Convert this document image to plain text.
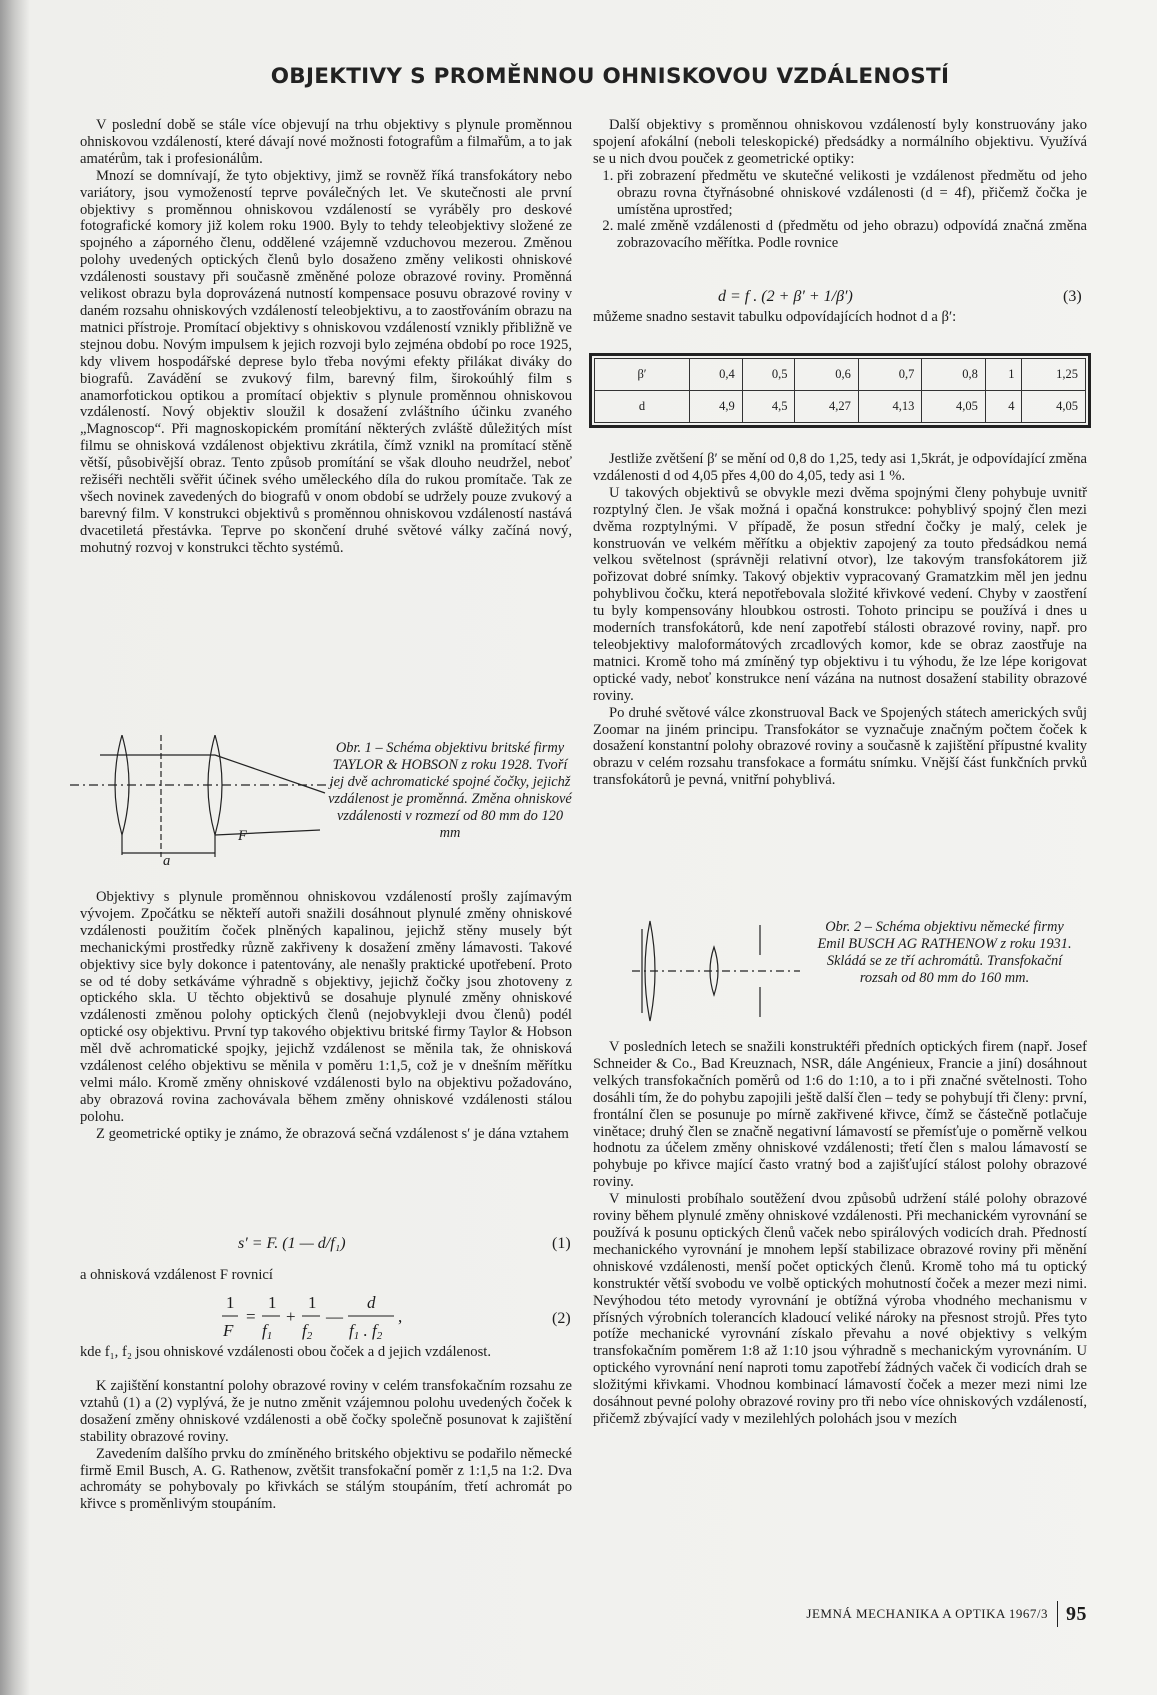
OBJEKTIVY S PROMĚNNOU OHNISKOVOU VZDÁLENOSTÍ

V poslední době se stále více objevují na trhu objektivy s plynule proměnnou ohniskovou vzdáleností, které dávají nové možnosti fotografům a filmařům, a to jak amatérům, tak i profesionálům.

Mnozí se domnívají, že tyto objektivy, jimž se rovněž říká transfokátory nebo variátory, jsou vymožeností teprve poválečných let. Ve skutečnosti ale první objektivy s proměnnou ohniskovou vzdáleností se vyráběly pro deskové fotografické komory již kolem roku 1900. Byly to tehdy teleobjektivy složené ze spojného a záporného členu, oddělené vzájemně vzduchovou mezerou. Změnou polohy uvedených optických členů bylo dosaženo změny velikosti ohniskové vzdálenosti soustavy při současně změněné poloze obrazové roviny. Proměnná velikost obrazu byla doprovázená nutností kompensace posuvu obrazové roviny v daném rozsahu ohniskových vzdáleností teleobjektivu, a to zaostřováním obrazu na matnici přístroje. Promítací objektivy s ohniskovou vzdáleností vznikly přibližně ve stejnou dobu. Novým impulsem k jejich rozvoji bylo zejména období po roce 1925, kdy vlivem hospodářské deprese bylo třeba novými efekty přilákat diváky do biografů. Zavádění se zvukový film, barevný film, širokoúhlý film s anamorfotickou optikou a promítací objektiv s plynule proměnnou ohniskovou vzdáleností. Nový objektiv sloužil k dosažení zvláštního účinku zvaného „Magnoscop“. Při magnoskopickém promítání některých zvláště důležitých míst filmu se ohnisková vzdálenost objektivu zkrátila, čímž vznikl na promítací stěně větší, působivější obraz. Tento způsob promítání se však dlouho neudržel, neboť režiséři nechtěli svěřit účinek svého uměleckého díla do rukou promítače. Tak ze všech novinek zavedených do biografů v onom období se udržely pouze zvukový a barevný film. V konstrukci objektivů s proměnnou ohniskovou vzdáleností nastává dvacetiletá přestávka. Teprve po skončení druhé světové války začíná nový, mohutný rozvoj v konstrukci těchto systémů.

F
a
Obr. 1 – Schéma objektivu britské firmy TAYLOR & HOBSON z roku 1928. Tvoří jej dvě achromatické spojné čočky, jejichž vzdálenost je proměnná. Změna ohniskové vzdálenosti v rozmezí od 80 mm do 120 mm

Objektivy s plynule proměnnou ohniskovou vzdáleností prošly zajímavým vývojem. Zpočátku se někteří autoři snažili dosáhnout plynulé změny ohniskové vzdálenosti použitím čoček plněných kapalinou, jejichž stěny musely být mechanickými prostředky různě zakřiveny k dosažení změny lámavosti. Takové objektivy sice byly dokonce i patentovány, ale nenašly praktické upotřebení. Proto se od té doby setkáváme výhradně s objektivy, jejichž čočky jsou zhotoveny z optického skla. U těchto objektivů se dosahuje plynulé změny ohniskové vzdálenosti změnou polohy optických členů (nejobvykleji dvou členů) podél optické osy objektivu. První typ takového objektivu britské firmy Taylor & Hobson měl dvě achromatické spojky, jejichž vzdálenost se měnila tak, že ohnisková vzdálenost celého objektivu se měnila v poměru 1:1,5, což je v dnešním měřítku velmi málo. Kromě změny ohniskové vzdálenosti bylo na objektivu požadováno, aby obrazová rovina zachovávala během změny ohniskové vzdálenosti stálou polohu.

Z geometrické optiky je známo, že obrazová sečná vzdálenost s′ je dána vztahem

s′ = F. (1 — d/f₁)	(1)
a ohnisková vzdálenost F rovnicí
1
F
=
1
f1
+
1
f2
—
d
f1 . f2
,	(2)
kde f₁, f₂ jsou ohniskové vzdálenosti obou čoček a d jejich vzdálenost.

K zajištění konstantní polohy obrazové roviny v celém transfokačním rozsahu ze vztahů (1) a (2) vyplývá, že je nutno změnit vzájemnou polohu uvedených čoček k dosažení změny ohniskové vzdálenosti a obě čočky společně posunovat k zajištění stability obrazové roviny.

Zavedením dalšího prvku do zmíněného britského objektivu se podařilo německé firmě Emil Busch, A. G. Rathenow, zvětšit transfokační poměr z 1:1,5 na 1:2. Dva achromáty se pohybovaly po křivkách se stálým stoupáním, třetí achromát po křivce s proměnlivým stoupáním.

Další objektivy s proměnnou ohniskovou vzdáleností byly konstruovány jako spojení afokální (neboli teleskopické) předsádky a normálního objektivu. Využívá se u nich dvou pouček z geometrické optiky:

1. při zobrazení předmětu ve skutečné velikosti je vzdálenost předmětu od jeho obrazu rovna čtyřnásobné ohniskové vzdálenosti (d = 4f), přičemž čočka je umístěna uprostřed;
2. malé změně vzdálenosti d (předmětu od jeho obrazu) odpovídá značná změna zobrazovacího měřítka. Podle rovnice
d = f . (2 + β′ + 1/β′)	(3)
můžeme snadno sestavit tabulku odpovídajících hodnot d a β′:
β′	0,4	0,5	0,6	0,7	0,8	1	1,25
d	4,9	4,5	4,27	4,13	4,05	4	4,05

Jestliže zvětšení β′ se mění od 0,8 do 1,25, tedy asi 1,5krát, je odpovídající změna vzdálenosti d od 4,05 přes 4,00 do 4,05, tedy asi 1 %.

U takových objektivů se obvykle mezi dvěma spojnými členy pohybuje uvnitř rozptylný člen. Je však možná i opačná konstrukce: pohyblivý spojný člen mezi dvěma rozptylnými. V případě, že posun střední čočky je malý, celek je konstruován ve velkém měřítku a objektiv zapojený za touto předsádkou nemá velkou světelnost (správněji relativní otvor), lze takovým transfokátorem již pořizovat dobré snímky. Takový objektiv vypracovaný Gramatzkim měl jen jednu pohyblivou čočku, která nepotřebovala složité křivkové vedení. Chyby v zaostření tu byly kompensovány hloubkou ostrosti. Tohoto principu se používá i dnes u moderních transfokátorů, kde není zapotřebí stálosti obrazové roviny, např. pro teleobjektivy maloformátových zrcadlových komor, kde se obraz zaostřuje na matnici. Kromě toho má zmíněný typ objektivu i tu výhodu, že lze lépe korigovat optické vady, neboť konstrukce není vázána na nutnost dosažení stability obrazové roviny.

Po druhé světové válce zkonstruoval Back ve Spojených státech amerických svůj Zoomar na jiném principu. Transfokátor se vyznačuje značným počtem čoček k dosažení konstantní polohy obrazové roviny a současně k zajištění přípustné kvality obrazu v celém rozsahu transfokace a formátu snímku. Vnější část funkčních prvků transfokátorů je pevná, vnitřní pohyblivá.

Obr. 2 – Schéma objektivu německé firmy Emil BUSCH AG RATHENOW z roku 1931. Skládá se ze tří achromátů. Transfokační rozsah od 80 mm do 160 mm.

V posledních letech se snažili konstruktéři předních optických firem (např. Josef Schneider & Co., Bad Kreuznach, NSR, dále Angénieux, Francie a jiní) dosáhnout velkých transfokačních poměrů od 1:6 do 1:10, a to i při značné světelnosti. Toho dosáhli tím, že do pohybu zapojili ještě další člen – tedy se pohybují tři členy: první, frontální člen se posunuje po mírně zakřivené křivce, čímž se částečně potlačuje vinětace; druhý člen se značně negativní lámavostí se přemísťuje o poměrně velkou hodnotu za účelem změny ohniskové vzdálenosti; třetí člen s malou lámavostí se pohybuje po křivce mající často vratný bod a zajišťující stálost polohy obrazové roviny.

V minulosti probíhalo soutěžení dvou způsobů udržení stálé polohy obrazové roviny během plynulé změny ohniskové vzdálenosti. Při mechanickém vyrovnání se používá k posunu optických členů vaček nebo spirálových vodicích drah. Předností mechanického vyrovnání je mnohem lepší stabilizace obrazové roviny při měnění ohniskové vzdálenosti, menší počet optických členů. Kromě toho má tu optický konstruktér větší svobodu ve volbě optických mohutností čoček a mezer mezi nimi. Nevýhodou této metody vyrovnání je obtížná výroba vhodného mechanismu v přísných výrobních tolerancích kladoucí veliké nároky na přesnost strojů. Přes tyto potíže mechanické vyrovnání získalo převahu a nové objektivy s velkým transfokačním poměrem 1:8 až 1:10 jsou výhradně s mechanickým vyrovnáním. U optického vyrovnání není naproti tomu zapotřebí žádných vaček či vodicích drah se složitými křivkami. Vhodnou kombinací lámavostí čoček a mezer mezi nimi lze dosáhnout pevné polohy obrazové roviny pro tři nebo více ohniskových vzdáleností, přičemž zbývající vady v mezilehlých polohách jsou v mezích

JEMNÁ MECHANIKA A OPTIKA 1967/3 95
